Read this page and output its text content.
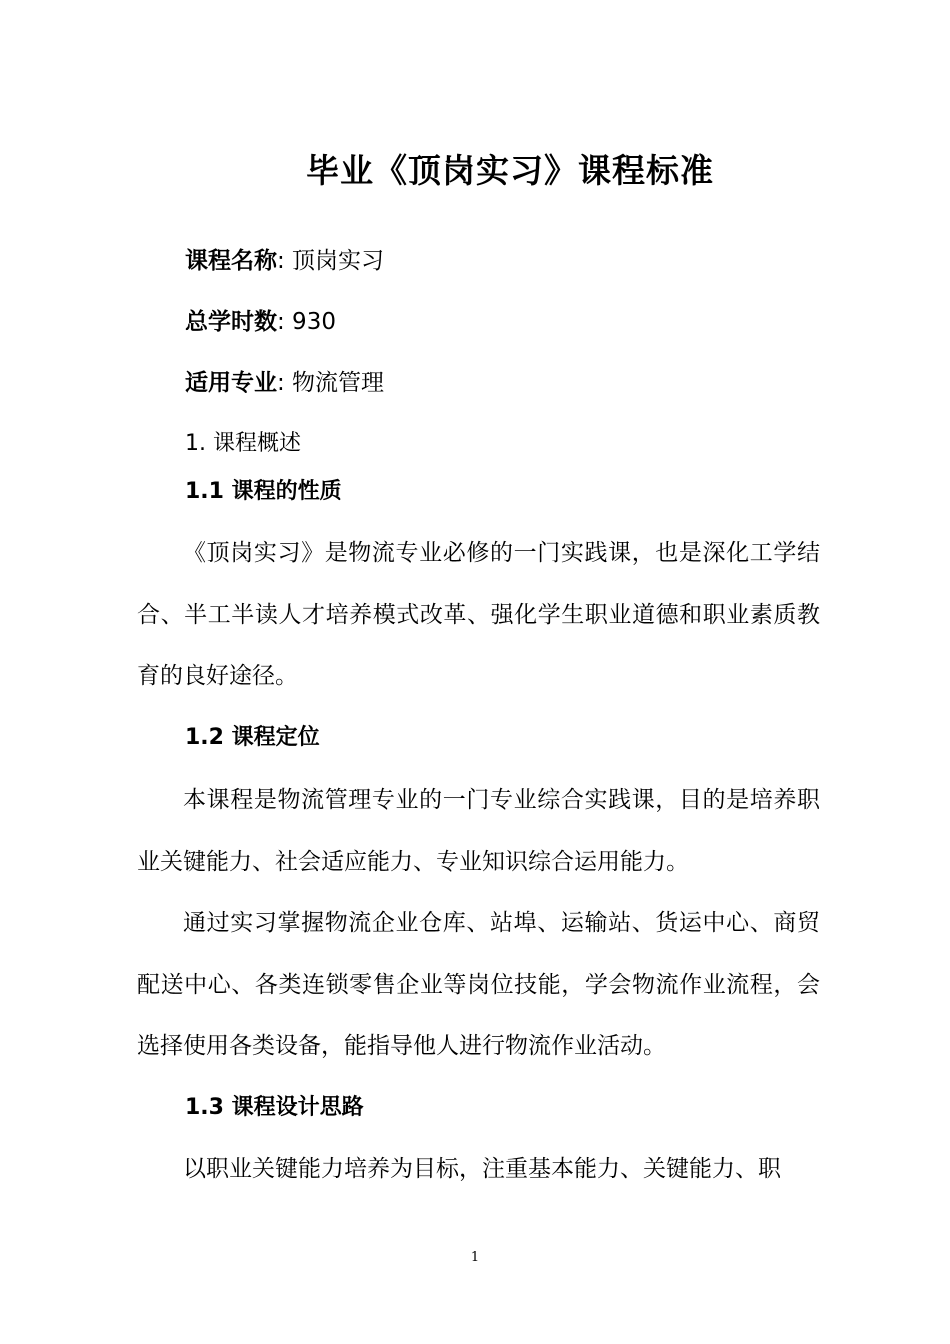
毕业《顶岗实习》课程标准
课程名称: 顶岗实习
总学时数: 930
适用专业: 物流管理
1. 课程概述
1.1 课程的性质

《顶岗实习》是物流专业必修的一门实践课，也是深化工学结合、半工半读人才培养模式改革、强化学生职业道德和职业素质教育的良好途径。

1.2 课程定位

本课程是物流管理专业的一门专业综合实践课，目的是培养职业关键能力、社会适应能力、专业知识综合运用能力。

通过实习掌握物流企业仓库、站埠、运输站、货运中心、商贸配送中心、各类连锁零售企业等岗位技能，学会物流作业流程，会选择使用各类设备，能指导他人进行物流作业活动。

1.3 课程设计思路

以职业关键能力培养为目标，注重基本能力、关键能力、职

1
